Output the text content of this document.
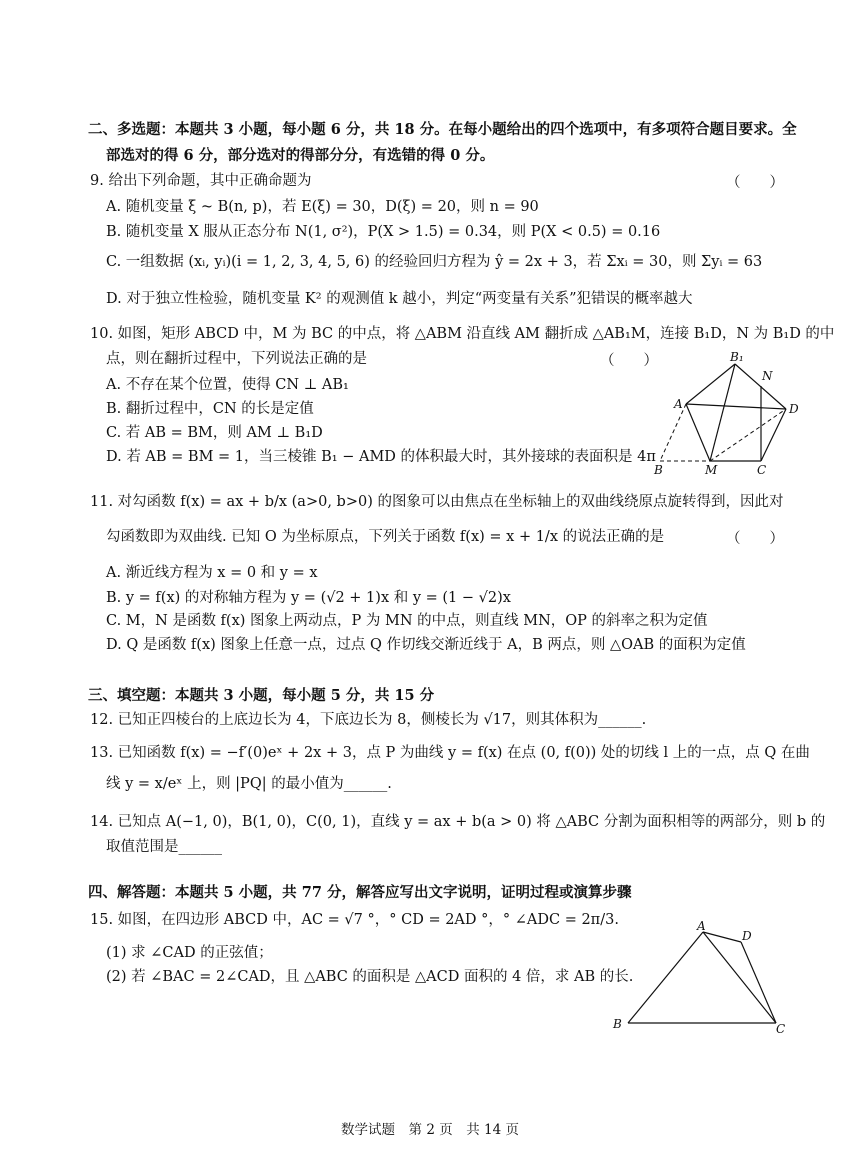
二、多选题：本题共 3 小题，每小题 6 分，共 18 分。在每小题给出的四个选项中，有多项符合题目要求。全
部选对的得 6 分，部分选对的得部分分，有选错的得 0 分。
9. 给出下列命题，其中正确命题为	（　　）
A. 随机变量 ξ ~ B(n, p)，若 E(ξ) = 30，D(ξ) = 20，则 n = 90
B. 随机变量 X 服从正态分布 N(1, σ²)，P(X > 1.5) = 0.34，则 P(X < 0.5) = 0.16
C. 一组数据 (xᵢ, yᵢ)(i = 1, 2, 3, 4, 5, 6) 的经验回归方程为 ŷ = 2x + 3，若 Σxᵢ = 30，则 Σyᵢ = 63
D. 对于独立性检验，随机变量 K² 的观测值 k 越小，判定“两变量有关系”犯错误的概率越大
10. 如图，矩形 ABCD 中，M 为 BC 的中点，将 △ABM 沿直线 AM 翻折成 △AB₁M，连接 B₁D，N 为 B₁D 的中
点，则在翻折过程中，下列说法正确的是	（　　）
A. 不存在某个位置，使得 CN ⊥ AB₁
B. 翻折过程中，CN 的长是定值
C. 若 AB = BM，则 AM ⊥ B₁D
D. 若 AB = BM = 1，当三棱锥 B₁ − AMD 的体积最大时，其外接球的表面积是 4π
B₁
N
A	D
B	M	C
11. 对勾函数 f(x) = ax + b/x (a>0, b>0) 的图象可以由焦点在坐标轴上的双曲线绕原点旋转得到，因此对
勾函数即为双曲线. 已知 O 为坐标原点，下列关于函数 f(x) = x + 1/x 的说法正确的是	（　　）
A. 渐近线方程为 x = 0 和 y = x
B. y = f(x) 的对称轴方程为 y = (√2 + 1)x 和 y = (1 − √2)x
C. M，N 是函数 f(x) 图象上两动点，P 为 MN 的中点，则直线 MN，OP 的斜率之积为定值
D. Q 是函数 f(x) 图象上任意一点，过点 Q 作切线交渐近线于 A，B 两点，则 △OAB 的面积为定值
三、填空题：本题共 3 小题，每小题 5 分，共 15 分
12. 已知正四棱台的上底边长为 4，下底边长为 8，侧棱长为 √17，则其体积为______.
13. 已知函数 f(x) = −f′(0)eˣ + 2x + 3，点 P 为曲线 y = f(x) 在点 (0, f(0)) 处的切线 l 上的一点，点 Q 在曲
线 y = x/eˣ 上，则 |PQ| 的最小值为______.
14. 已知点 A(−1, 0)，B(1, 0)，C(0, 1)，直线 y = ax + b(a > 0) 将 △ABC 分割为面积相等的两部分，则 b 的
取值范围是______
四、解答题：本题共 5 小题，共 77 分，解答应写出文字说明，证明过程或演算步骤
15. 如图，在四边形 ABCD 中，AC = √7 °，° CD = 2AD °，° ∠ADC = 2π/3.
(1) 求 ∠CAD 的正弦值；
(2) 若 ∠BAC = 2∠CAD，且 △ABC 的面积是 △ACD 面积的 4 倍，求 AB 的长.
A
D
B	C
数学试题　第 2 页　共 14 页
